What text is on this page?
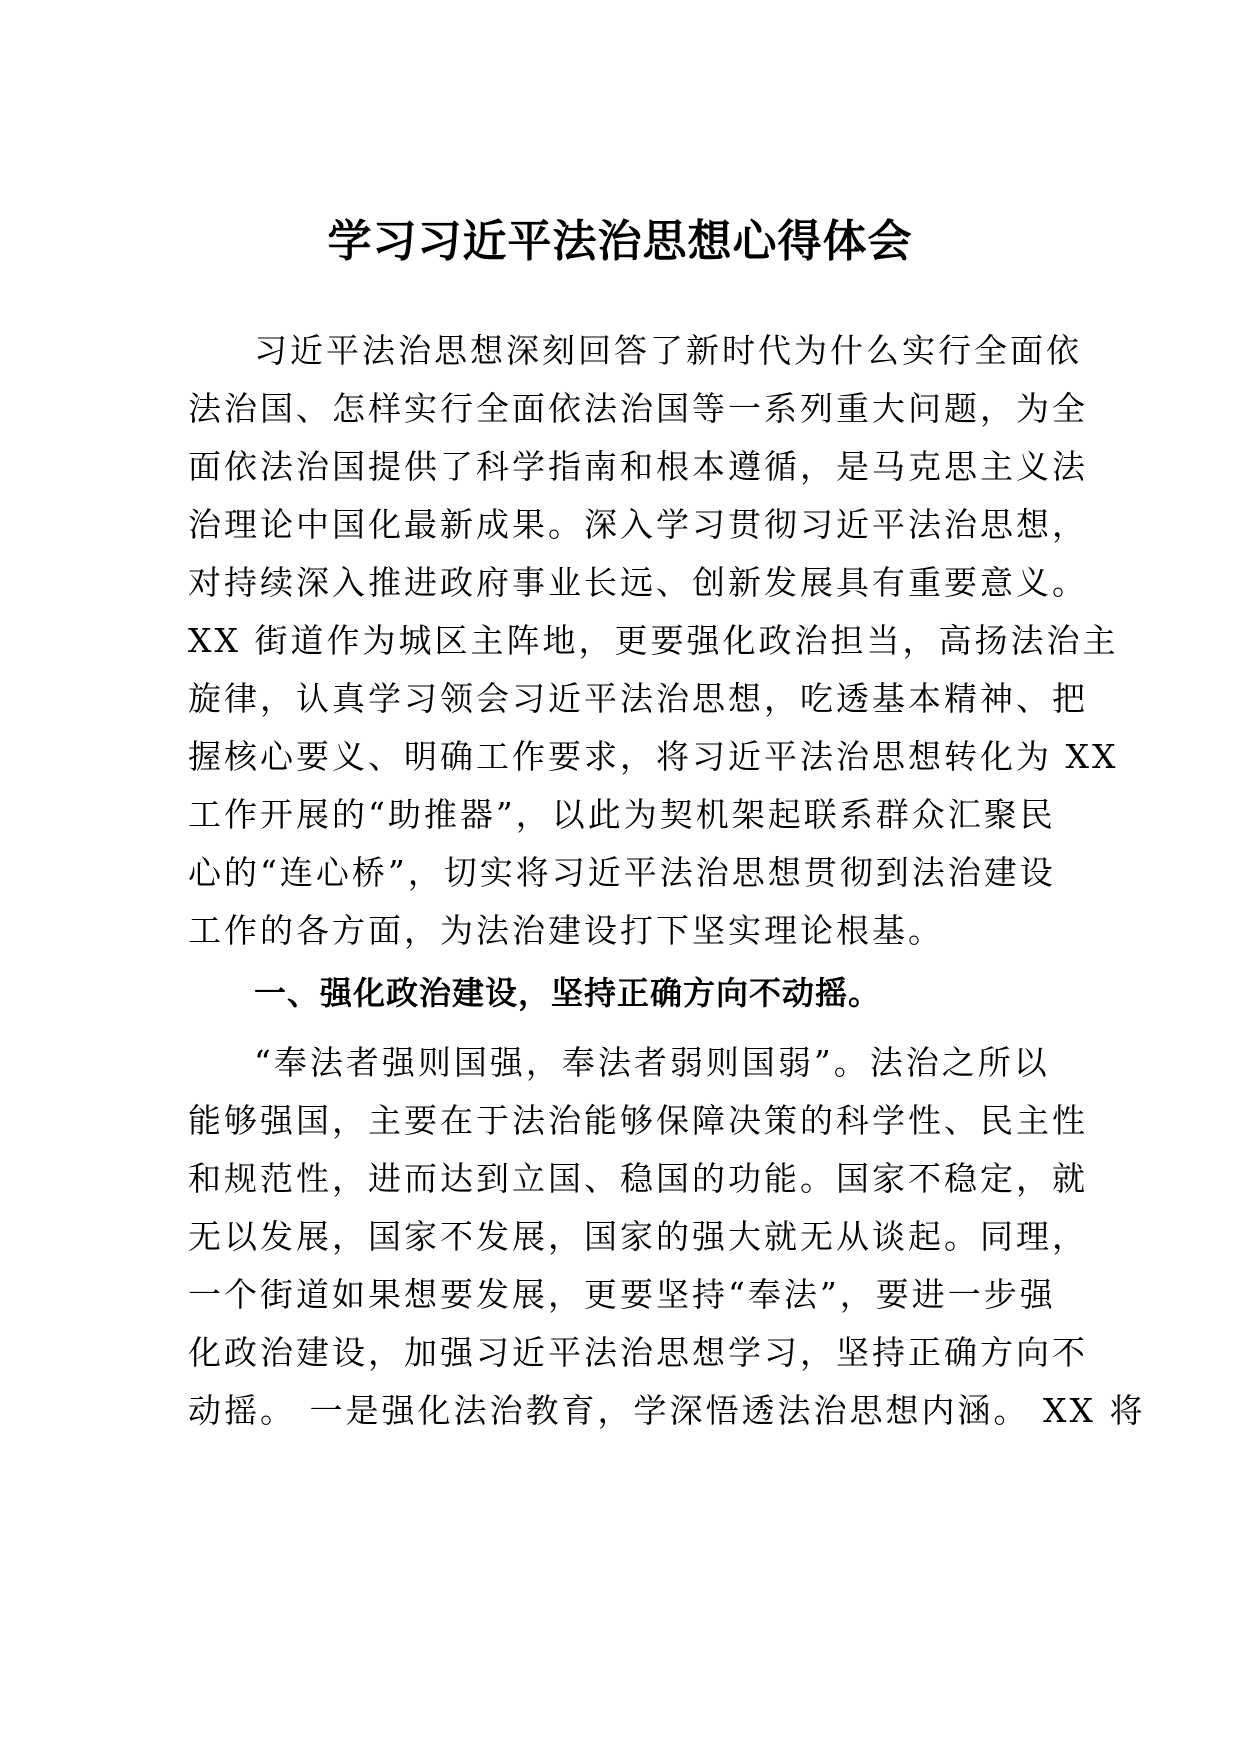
学习习近平法治思想心得体会
习近平法治思想深刻回答了新时代为什么实行全面依
法治国、怎样实行全面依法治国等一系列重大问题，为全
面依法治国提供了科学指南和根本遵循，是马克思主义法
治理论中国化最新成果。深入学习贯彻习近平法治思想，
对持续深入推进政府事业长远、创新发展具有重要意义。
XX 街道作为城区主阵地，更要强化政治担当，高扬法治主
旋律，认真学习领会习近平法治思想，吃透基本精神、把
握核心要义、明确工作要求，将习近平法治思想转化为 XX
工作开展的“助推器”，以此为契机架起联系群众汇聚民
心的“连心桥”，切实将习近平法治思想贯彻到法治建设
工作的各方面，为法治建设打下坚实理论根基。
一、强化政治建设，坚持正确方向不动摇。
“奉法者强则国强，奉法者弱则国弱”。法治之所以
能够强国，主要在于法治能够保障决策的科学性、民主性
和规范性，进而达到立国、稳国的功能。国家不稳定，就
无以发展，国家不发展，国家的强大就无从谈起。同理，
一个街道如果想要发展，更要坚持“奉法”，要进一步强
化政治建设，加强习近平法治思想学习，坚持正确方向不
动摇。 一是强化法治教育，学深悟透法治思想内涵。 XX 将
